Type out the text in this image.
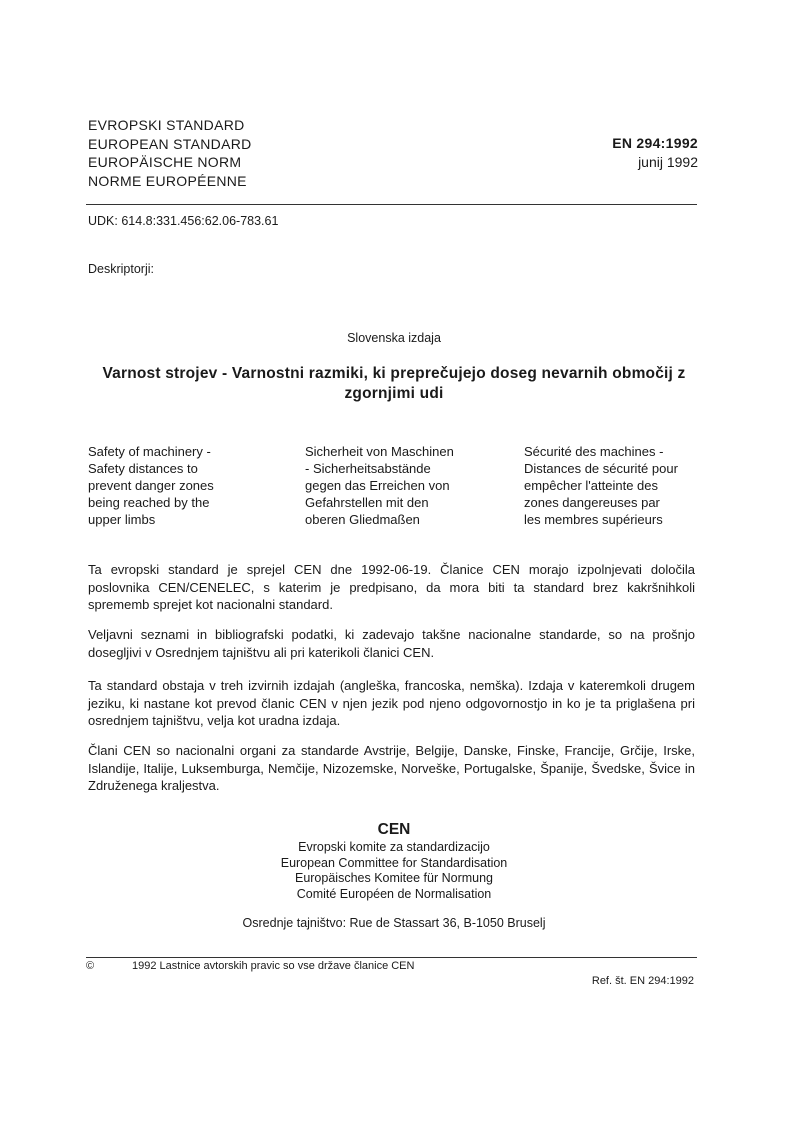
EVROPSKI STANDARD
EUROPEAN STANDARD
EUROPÄISCHE NORM
NORME EUROPÉENNE
EN 294:1992
junij 1992
UDK: 614.8:331.456:62.06-783.61
Deskriptorji:
Slovenska izdaja
Varnost strojev - Varnostni razmiki, ki preprečujejo doseg nevarnih območij z zgornjimi udi
Safety of machinery -
Safety distances to
prevent danger zones
being reached by the
upper limbs
Sicherheit von Maschinen
- Sicherheitsabstände
gegen das Erreichen von
Gefahrstellen mit den
oberen Gliedmaßen
Sécurité des machines -
Distances de sécurité pour
empêcher l'atteinte des
zones dangereuses par
les membres supérieurs
Ta evropski standard je sprejel CEN dne 1992-06-19. Članice CEN morajo izpolnjevati določila poslovnika CEN/CENELEC, s katerim je predpisano, da mora biti ta standard brez kakršnihkoli sprememb sprejet kot nacionalni standard.
Veljavni seznami in bibliografski podatki, ki zadevajo takšne nacionalne standarde, so na prošnjo dosegljivi v Osrednjem tajništvu ali pri katerikoli članici CEN.
Ta standard obstaja v treh izvirnih izdajah (angleška, francoska, nemška). Izdaja v kateremkoli drugem jeziku, ki nastane kot prevod članic CEN v njen jezik pod njeno odgovornostjo in ko je ta priglašena pri osrednjem tajništvu, velja kot uradna izdaja.
Člani CEN so nacionalni organi za standarde Avstrije, Belgije, Danske, Finske, Francije, Grčije, Irske, Islandije, Italije, Luksemburga, Nemčije, Nizozemske, Norveške, Portugalske, Španije, Švedske, Švice in Združenega kraljestva.
CEN
Evropski komite za standardizacijo
European Committee for Standardisation
Europäisches Komitee für Normung
Comité Européen de Normalisation
Osrednje tajništvo: Rue de Stassart 36, B-1050 Bruselj
©	1992 Lastnice avtorskih pravic so vse države članice CEN
Ref. št. EN 294:1992
